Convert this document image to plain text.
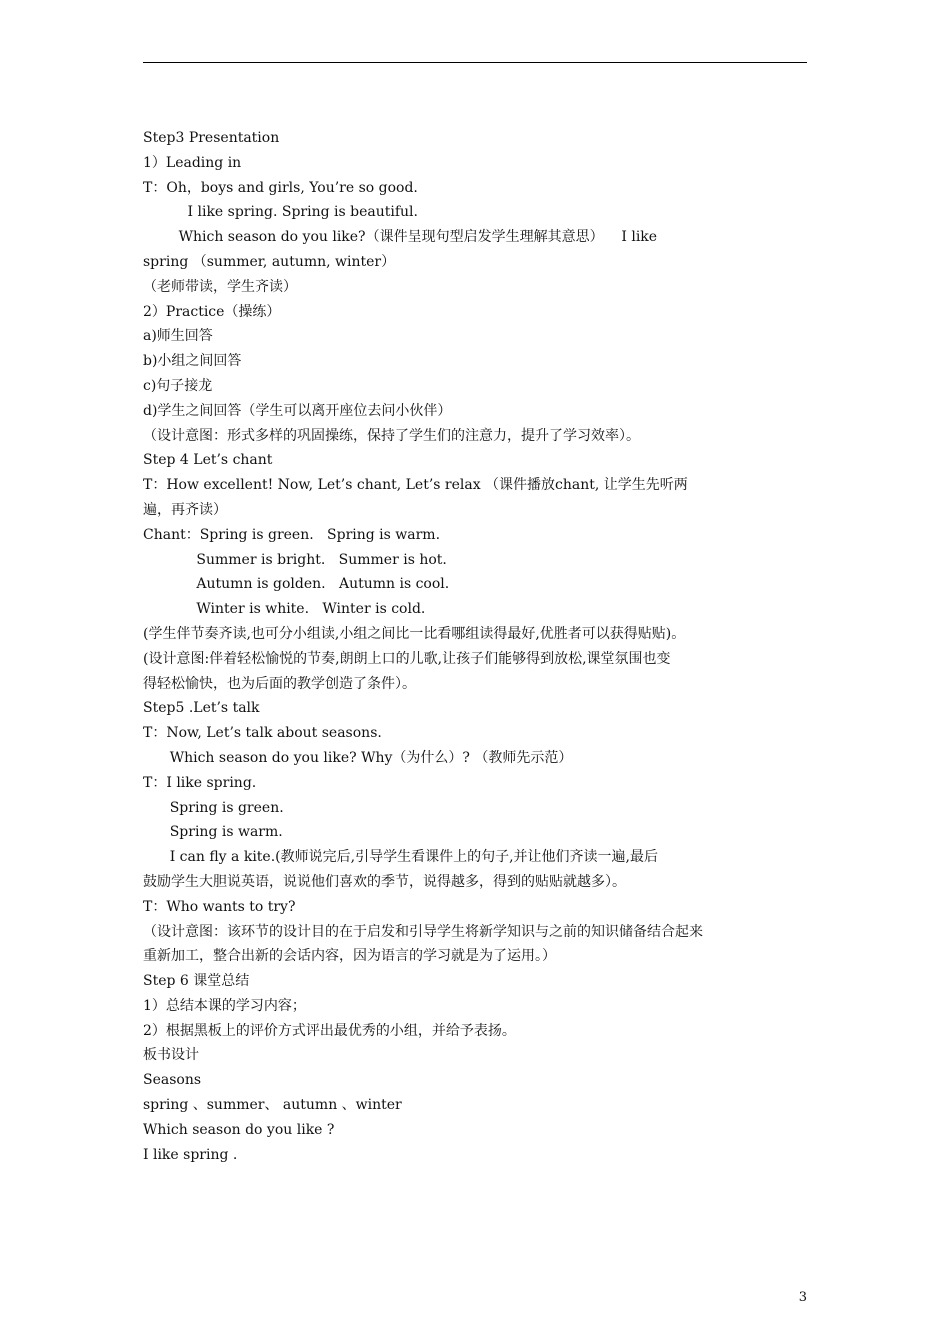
Step3 Presentation
1）Leading in
T：Oh，boys and girls, You’re so good.
I like spring. Spring is beautiful.
Which season do you like?（课件呈现句型启发学生理解其意思）    I like
spring （summer, autumn, winter）
（老师带读，学生齐读）
2）Practice（操练）
a)师生回答
b)小组之间回答
c)句子接龙
d)学生之间回答（学生可以离开座位去问小伙伴）
（设计意图：形式多样的巩固操练，保持了学生们的注意力，提升了学习效率）。
Step 4 Let’s chant
T：How excellent! Now, Let’s chant, Let’s relax （课件播放chant, 让学生先听两
遍，再齐读）
Chant：Spring is green.   Spring is warm.
Summer is bright.   Summer is hot.
Autumn is golden.   Autumn is cool.
Winter is white.   Winter is cold.
(学生伴节奏齐读,也可分小组读,小组之间比一比看哪组读得最好,优胜者可以获得贴贴)。
(设计意图:伴着轻松愉悦的节奏,朗朗上口的儿歌,让孩子们能够得到放松,课堂氛围也变
得轻松愉快，也为后面的教学创造了条件）。
Step5 .Let’s talk
T：Now, Let’s talk about seasons.
Which season do you like? Why（为什么）? （教师先示范）
T：I like spring.
Spring is green.
Spring is warm.
I can fly a kite.(教师说完后,引导学生看课件上的句子,并让他们齐读一遍,最后
鼓励学生大胆说英语，说说他们喜欢的季节，说得越多，得到的贴贴就越多）。
T：Who wants to try?
（设计意图：该环节的设计目的在于启发和引导学生将新学知识与之前的知识储备结合起来
重新加工，整合出新的会话内容，因为语言的学习就是为了运用。）
Step 6 课堂总结
1）总结本课的学习内容；
2）根据黑板上的评价方式评出最优秀的小组，并给予表扬。
板书设计
Seasons
spring 、summer、 autumn 、winter
Which season do you like ?
I like spring .
3
